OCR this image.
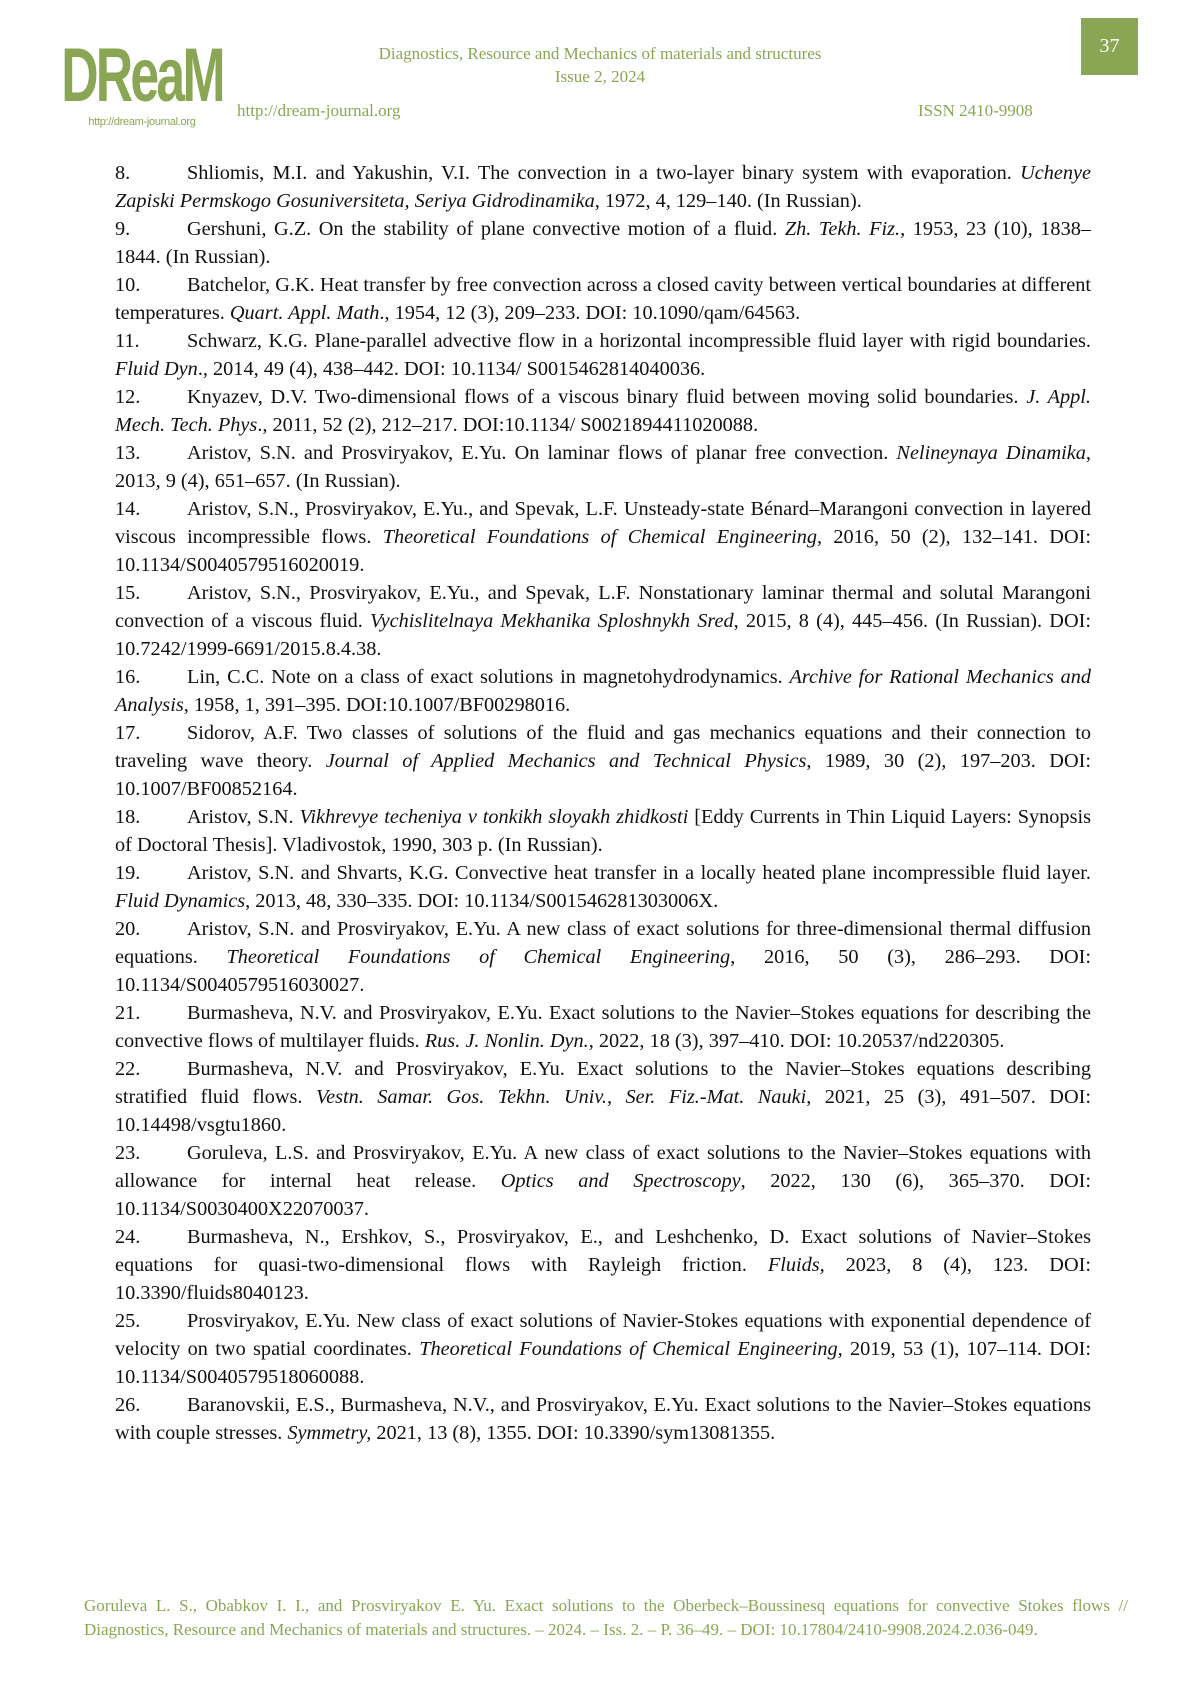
DReaM
http://dream-journal.org
Diagnostics, Resource and Mechanics of materials and structures
Issue 2, 2024
http://dream-journal.org	ISSN 2410-9908
37
8.	Shliomis, M.I. and Yakushin, V.I. The convection in a two-layer binary system with evaporation. Uchenye Zapiski Permskogo Gosuniversiteta, Seriya Gidrodinamika, 1972, 4, 129–140. (In Russian).
9.	Gershuni, G.Z. On the stability of plane convective motion of a fluid. Zh. Tekh. Fiz., 1953, 23 (10), 1838–1844. (In Russian).
10. Batchelor, G.K. Heat transfer by free convection across a closed cavity between vertical boundaries at different temperatures. Quart. Appl. Math., 1954, 12 (3), 209–233. DOI: 10.1090/qam/64563.
11. Schwarz, K.G. Plane-parallel advective flow in a horizontal incompressible fluid layer with rigid boundaries. Fluid Dyn., 2014, 49 (4), 438–442. DOI: 10.1134/ S0015462814040036.
12. Knyazev, D.V. Two-dimensional flows of a viscous binary fluid between moving solid boundaries. J. Appl. Mech. Tech. Phys., 2011, 52 (2), 212–217. DOI:10.1134/ S0021894411020088.
13. Aristov, S.N. and Prosviryakov, E.Yu. On laminar flows of planar free convection. Nelineynaya Dinamika, 2013, 9 (4), 651–657. (In Russian).
14. Aristov, S.N., Prosviryakov, E.Yu., and Spevak, L.F. Unsteady-state Bénard–Marangoni convection in layered viscous incompressible flows. Theoretical Foundations of Chemical Engineering, 2016, 50 (2), 132–141. DOI: 10.1134/S0040579516020019.
15. Aristov, S.N., Prosviryakov, E.Yu., and Spevak, L.F. Nonstationary laminar thermal and solutal Marangoni convection of a viscous fluid. Vychislitelnaya Mekhanika Sploshnykh Sred, 2015, 8 (4), 445–456. (In Russian). DOI: 10.7242/1999-6691/2015.8.4.38.
16. Lin, C.C. Note on a class of exact solutions in magnetohydrodynamics. Archive for Rational Mechanics and Analysis, 1958, 1, 391–395. DOI:10.1007/BF00298016.
17. Sidorov, A.F. Two classes of solutions of the fluid and gas mechanics equations and their connection to traveling wave theory. Journal of Applied Mechanics and Technical Physics, 1989, 30 (2), 197–203. DOI: 10.1007/BF00852164.
18. Aristov, S.N. Vikhrevye techeniya v tonkikh sloyakh zhidkosti [Eddy Currents in Thin Liquid Layers: Synopsis of Doctoral Thesis]. Vladivostok, 1990, 303 p. (In Russian).
19. Aristov, S.N. and Shvarts, K.G. Convective heat transfer in a locally heated plane incompressible fluid layer. Fluid Dynamics, 2013, 48, 330–335. DOI: 10.1134/S001546281303006X.
20. Aristov, S.N. and Prosviryakov, E.Yu. A new class of exact solutions for three-dimensional thermal diffusion equations. Theoretical Foundations of Chemical Engineering, 2016, 50 (3), 286–293. DOI: 10.1134/S0040579516030027.
21. Burmasheva, N.V. and Prosviryakov, E.Yu. Exact solutions to the Navier–Stokes equations for describing the convective flows of multilayer fluids. Rus. J. Nonlin. Dyn., 2022, 18 (3), 397–410. DOI: 10.20537/nd220305.
22. Burmasheva, N.V. and Prosviryakov, E.Yu. Exact solutions to the Navier–Stokes equations describing stratified fluid flows. Vestn. Samar. Gos. Tekhn. Univ., Ser. Fiz.-Mat. Nauki, 2021, 25 (3), 491–507. DOI: 10.14498/vsgtu1860.
23. Goruleva, L.S. and Prosviryakov, E.Yu. A new class of exact solutions to the Navier–Stokes equations with allowance for internal heat release. Optics and Spectroscopy, 2022, 130 (6), 365–370. DOI: 10.1134/S0030400X22070037.
24. Burmasheva, N., Ershkov, S., Prosviryakov, E., and Leshchenko, D. Exact solutions of Navier–Stokes equations for quasi-two-dimensional flows with Rayleigh friction. Fluids, 2023, 8 (4), 123. DOI: 10.3390/fluids8040123.
25. Prosviryakov, E.Yu. New class of exact solutions of Navier-Stokes equations with exponential dependence of velocity on two spatial coordinates. Theoretical Foundations of Chemical Engineering, 2019, 53 (1), 107–114. DOI: 10.1134/S0040579518060088.
26. Baranovskii, E.S., Burmasheva, N.V., and Prosviryakov, E.Yu. Exact solutions to the Navier–Stokes equations with couple stresses. Symmetry, 2021, 13 (8), 1355. DOI: 10.3390/sym13081355.
Goruleva L. S., Obabkov I. I., and Prosviryakov E. Yu. Exact solutions to the Oberbeck–Boussinesq equations for convective Stokes flows // Diagnostics, Resource and Mechanics of materials and structures. – 2024. – Iss. 2. – P. 36–49. – DOI: 10.17804/2410-9908.2024.2.036-049.
